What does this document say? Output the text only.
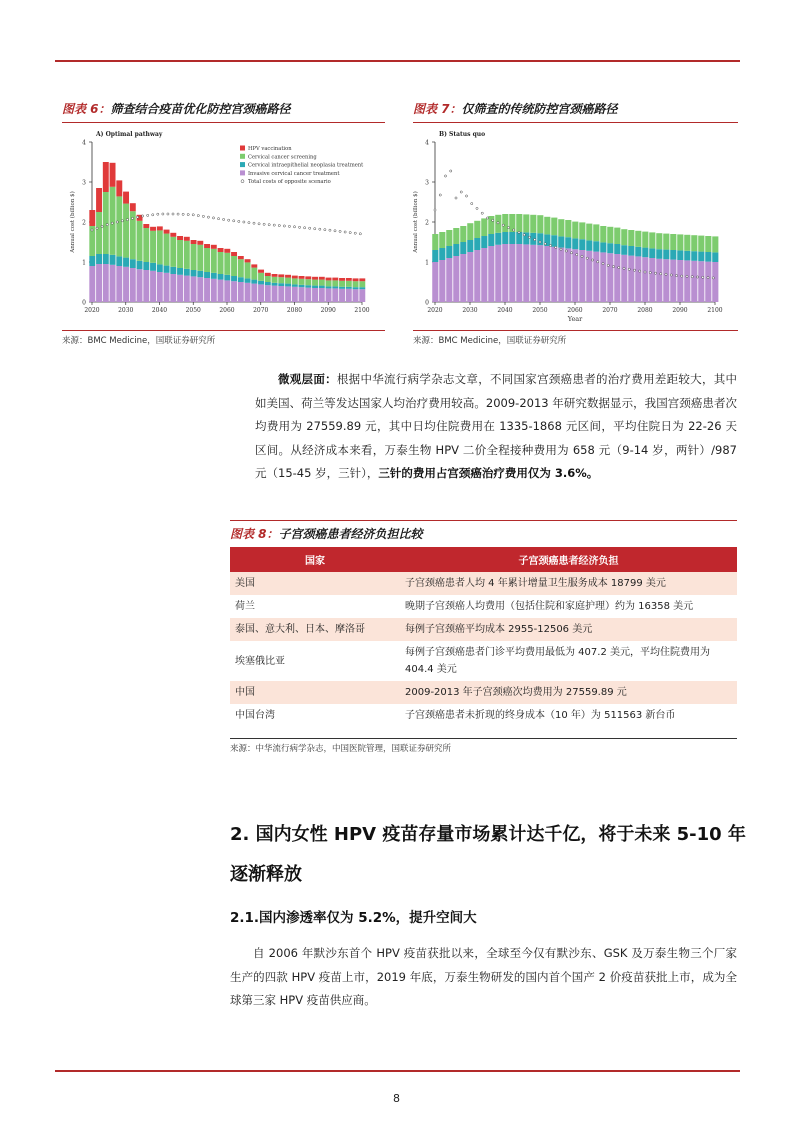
图表 6：筛查结合疫苗优化防控宫颈癌路径
0
1
2
3
4
2020	2030	2040	2050	2060	2070	2080	2090	2100
Annual cost (billion $)
A) Optimal pathway
HPV vaccination
Cervical cancer screening
Cervical intraepithelial neoplasia treatment
Invasive cervical cancer treatment
Total costs of opposite scenario
来源：BMC Medicine，国联证券研究所
图表 7：仅筛查的传统防控宫颈癌路径
0
1
2
3
4
2020	2030	2040	2050	2060	2070	2080	2090	2100
Annual cost (billion $)
Year
B) Status quo
来源：BMC Medicine，国联证券研究所
微观层面：根据中华流行病学杂志文章，不同国家宫颈癌患者的治疗费用差距较大，其中如美国、荷兰等发达国家人均治疗费用较高。2009-2013 年研究数据显示，我国宫颈癌患者次均费用为 27559.89 元，其中日均住院费用在 1335-1868 元区间，平均住院日为 22-26 天区间。从经济成本来看，万泰生物 HPV 二价全程接种费用为 658 元（9-14 岁，两针）/987 元（15-45 岁，三针），三针的费用占宫颈癌治疗费用仅为 3.6%。
图表 8：子宫颈癌患者经济负担比较
国家	子宫颈癌患者经济负担
美国	子宫颈癌患者人均 4 年累计增量卫生服务成本 18799 美元
荷兰	晚期子宫颈癌人均费用（包括住院和家庭护理）约为 16358 美元
泰国、意大利、日本、摩洛哥	每例子宫颈癌平均成本 2955-12506 美元
埃塞俄比亚	每例子宫颈癌患者门诊平均费用最低为 407.2 美元，平均住院费用为 404.4 美元
中国	2009-2013 年子宫颈癌次均费用为 27559.89 元
中国台湾	子宫颈癌患者未折现的终身成本（10 年）为 511563 新台币
来源：中华流行病学杂志，中国医院管理，国联证券研究所
2. 国内女性 HPV 疫苗存量市场累计达千亿，将于未来 5-10 年
逐渐释放
2.1.国内渗透率仅为 5.2%，提升空间大
自 2006 年默沙东首个 HPV 疫苗获批以来，全球至今仅有默沙东、GSK 及万泰生物三个厂家生产的四款 HPV 疫苗上市，2019 年底，万泰生物研发的国内首个国产 2 价疫苗获批上市，成为全球第三家 HPV 疫苗供应商。
8
